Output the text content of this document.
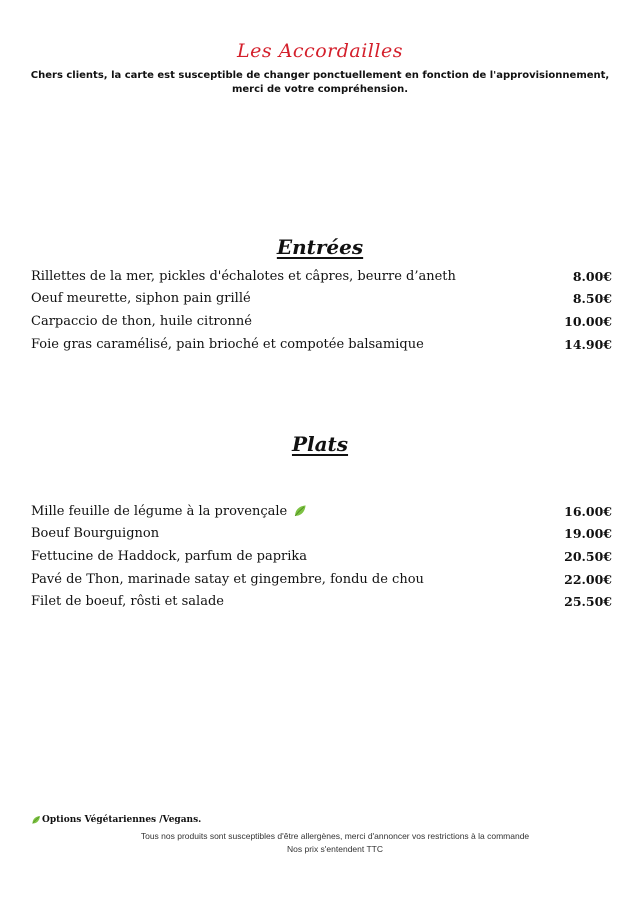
Les Accordailles
Chers clients, la carte est susceptible de changer ponctuellement en fonction de l'approvisionnement,
merci de votre compréhension.
Entrées
Rillettes de la mer, pickles d'échalotes et câpres, beurre d’aneth	8.00€
Oeuf meurette, siphon pain grillé	8.50€
Carpaccio de thon, huile citronné	10.00€
Foie gras caramélisé, pain brioché et compotée balsamique	14.90€
Plats
Mille feuille de légume à la provençale	16.00€
Boeuf Bourguignon	19.00€
Fettucine de Haddock, parfum de paprika	20.50€
Pavé de Thon, marinade satay et gingembre, fondu de chou	22.00€
Filet de boeuf, rôsti et salade	25.50€
Options Végétariennes /Vegans.
Tous nos produits sont susceptibles d'être allergènes, merci d'annoncer vos restrictions à la commande
Nos prix s'entendent TTC
